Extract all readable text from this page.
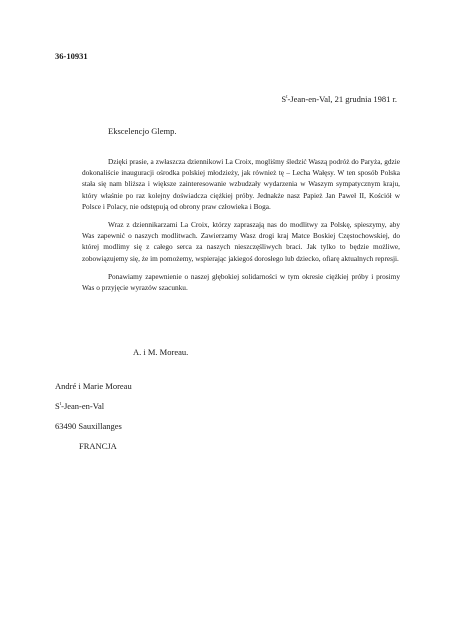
36-10931
$S^t-Jean-en$-Val, 21 grudnia 1981 r.
Ekscelencjo Glemp.

Dzięki prasie, a zwłaszcza dziennikowi La Croix, mogliśmy śledzić Waszą podróż do Paryża, gdzie dokonaliście inauguracji ośrodka polskiej młodzieży, jak również tę – Lecha Wałęsy. W ten sposób Polska stała się nam bliższa i większe zainteresowanie wzbudzały wydarzenia w Waszym sympatycznym kraju, który właśnie po raz kolejny doświadcza ciężkiej próby. Jednakże nasz Papież Jan Paweł II, Kościół w Polsce i Polacy, nie odstępują od obrony praw człowieka i Boga.

Wraz z dziennikarzami La Croix, którzy zapraszają nas do modlitwy za Polskę, spieszymy, aby Was zapewnić o naszych modlitwach. Zawierzamy Wasz drogi kraj Matce Boskiej Częstochowskiej, do której modlimy się z całego serca za naszych nieszczęśliwych braci. Jak tylko to będzie możliwe, zobowiązujemy się, że im pomożemy, wspierając jakiegoś dorosłego lub dziecko, ofiarę aktualnych represji.

Ponawiamy zapewnienie o naszej głębokiej solidarności w tym okresie ciężkiej próby i prosimy Was o przyjęcie wyrazów szacunku.

A. i M. Moreau.
André i Marie Moreau
$S^t-Jean-en$-Val
63490 Sauxillanges
FRANCJA
